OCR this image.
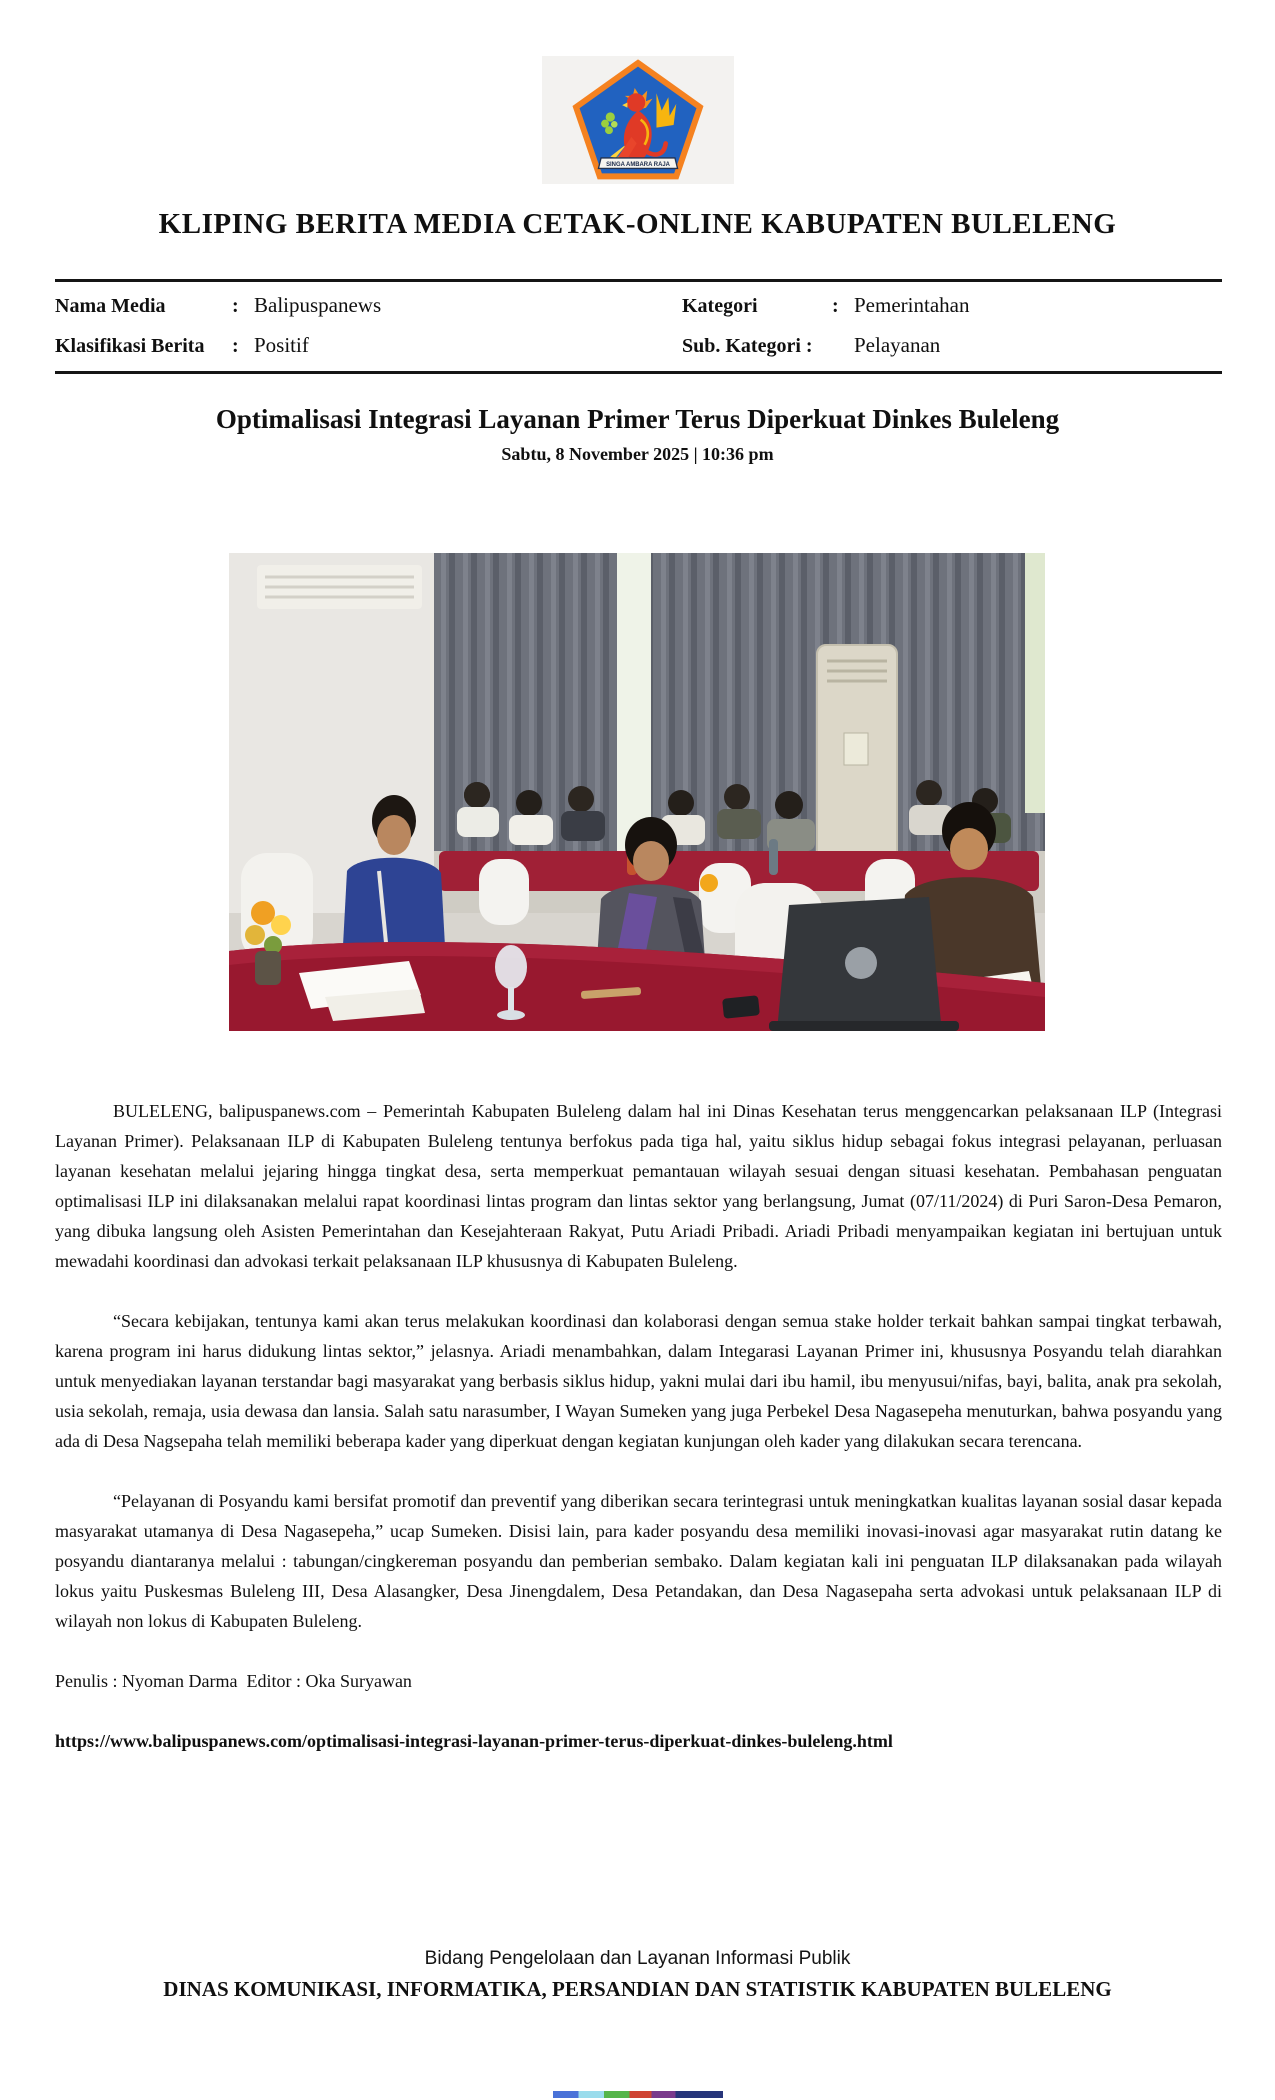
SINGA AMBARA RAJA
KLIPING BERITA MEDIA CETAK-ONLINE KABUPATEN BULELENG
Nama Media	: Balipuspanews	Kategori	: Pemerintahan
Klasifikasi Berita	: Positif	Sub. Kategori :	Pelayanan
Optimalisasi Integrasi Layanan Primer Terus Diperkuat Dinkes Buleleng
Sabtu, 8 November 2025 | 10:36 pm

BULELENG, balipuspanews.com – Pemerintah Kabupaten Buleleng dalam hal ini Dinas Kesehatan terus menggencarkan pelaksanaan ILP (Integrasi Layanan Primer). Pelaksanaan ILP di Kabupaten Buleleng tentunya berfokus pada tiga hal, yaitu siklus hidup sebagai fokus integrasi pelayanan, perluasan layanan kesehatan melalui jejaring hingga tingkat desa, serta memperkuat pemantauan wilayah sesuai dengan situasi kesehatan. Pembahasan penguatan optimalisasi ILP ini dilaksanakan melalui rapat koordinasi lintas program dan lintas sektor yang berlangsung, Jumat (07/11/2024) di Puri Saron-Desa Pemaron, yang dibuka langsung oleh Asisten Pemerintahan dan Kesejahteraan Rakyat, Putu Ariadi Pribadi. Ariadi Pribadi menyampaikan kegiatan ini bertujuan untuk mewadahi koordinasi dan advokasi terkait pelaksanaan ILP khususnya di Kabupaten Buleleng.

“Secara kebijakan, tentunya kami akan terus melakukan koordinasi dan kolaborasi dengan semua stake holder terkait bahkan sampai tingkat terbawah, karena program ini harus didukung lintas sektor,” jelasnya. Ariadi menambahkan, dalam Integarasi Layanan Primer ini, khususnya Posyandu telah diarahkan untuk menyediakan layanan terstandar bagi masyarakat yang berbasis siklus hidup, yakni mulai dari ibu hamil, ibu menyusui/nifas, bayi, balita, anak pra sekolah, usia sekolah, remaja, usia dewasa dan lansia. Salah satu narasumber, I Wayan Sumeken yang juga Perbekel Desa Nagasepeha menuturkan, bahwa posyandu yang ada di Desa Nagsepaha telah memiliki beberapa kader yang diperkuat dengan kegiatan kunjungan oleh kader yang dilakukan secara terencana.

“Pelayanan di Posyandu kami bersifat promotif dan preventif yang diberikan secara terintegrasi untuk meningkatkan kualitas layanan sosial dasar kepada masyarakat utamanya di Desa Nagasepeha,” ucap Sumeken. Disisi lain, para kader posyandu desa memiliki inovasi-inovasi agar masyarakat rutin datang ke posyandu diantaranya melalui : tabungan/cingkereman posyandu dan pemberian sembako. Dalam kegiatan kali ini penguatan ILP dilaksanakan pada wilayah lokus yaitu Puskesmas Buleleng III, Desa Alasangker, Desa Jinengdalem, Desa Petandakan, dan Desa Nagasepaha serta advokasi untuk pelaksanaan ILP di wilayah non lokus di Kabupaten Buleleng.

Penulis : Nyoman Darma  Editor : Oka Suryawan

https://www.balipuspanews.com/optimalisasi-integrasi-layanan-primer-terus-diperkuat-dinkes-buleleng.html

Bidang Pengelolaan dan Layanan Informasi Publik
DINAS KOMUNIKASI, INFORMATIKA, PERSANDIAN DAN STATISTIK KABUPATEN BULELENG
